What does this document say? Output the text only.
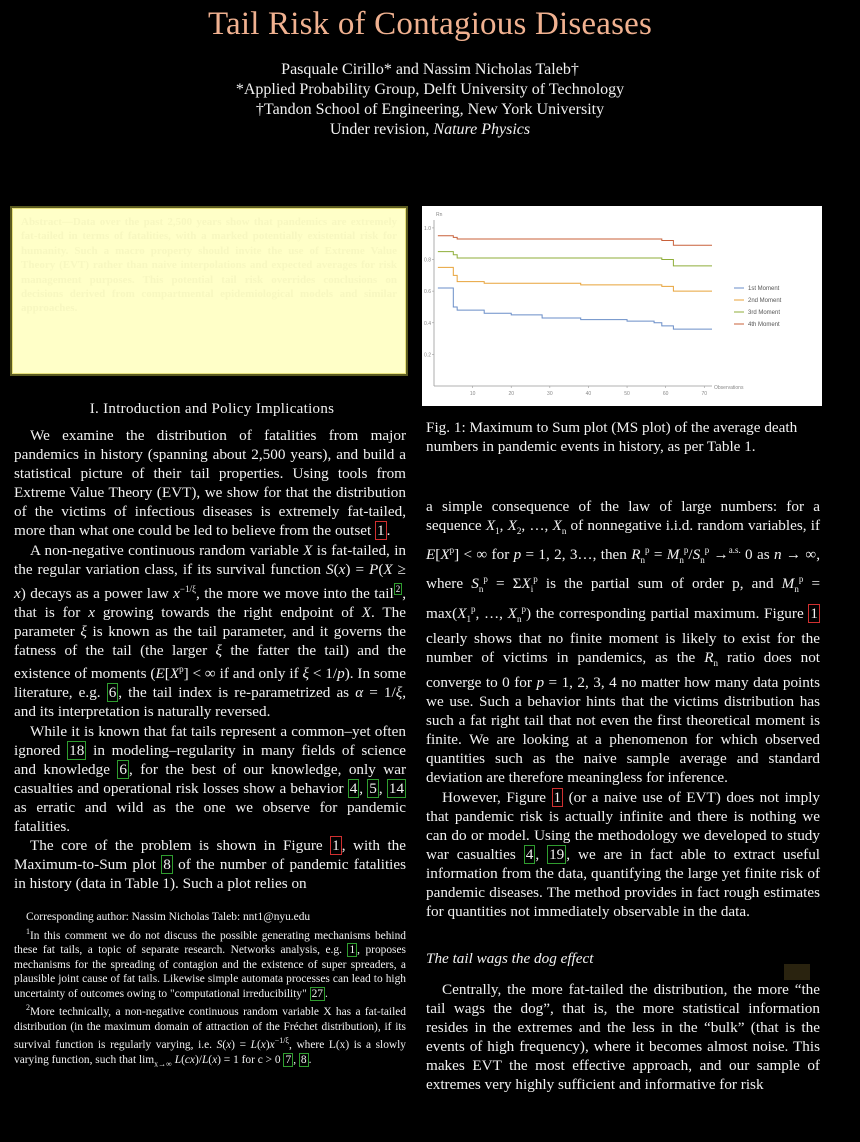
Tail Risk of Contagious Diseases
Pasquale Cirillo* and Nassim Nicholas Taleb†
*Applied Probability Group, Delft University of Technology
†Tandon School of Engineering, New York University
Under revision, Nature Physics
Abstract—Data over the past 2,500 years show that pandemics are extremely fat-tailed in terms of fatalities, with a marked potentially existential risk for humanity. Such a macro property should invite the use of Extreme Value Theory (EVT) rather than naive interpolations and expected averages for risk management purposes. This potential tail risk overrides conclusions on decisions derived from compartmental epidemiological models and similar approaches.
I. Introduction and Policy Implications

We examine the distribution of fatalities from major pandemics in history (spanning about 2,500 years), and build a statistical picture of their tail properties. Using tools from Extreme Value Theory (EVT), we show for that the distribution of the victims of infectious diseases is extremely fat-tailed, more than what one could be led to believe from the outset 1 .

A non-negative continuous random variable X is fat-tailed, in the regular variation class, if its survival function S(x) = P(X ≥ x) decays as a power law $x^{-1/\xi}$, the more we move into the tail $^2$ , that is for x growing towards the right endpoint of X. The parameter ξ is known as the tail parameter, and it governs the fatness of the tail (the larger ξ the fatter the tail) and the existence of moments ($E[X^p]$ < ∞ if and only if ξ < 1/p). In some literature, e.g. 6 , the tail index is re-parametrized as α = 1/ξ, and its interpretation is naturally reversed.

While it is known that fat tails represent a common–yet often ignored 18 in modeling–regularity in many fields of science and knowledge 6 , for the best of our knowledge, only war casualties and operational risk losses show a behavior 4 , 5 , 14 as erratic and wild as the one we observe for pandemic fatalities.

The core of the problem is shown in Figure 1 , with the Maximum-to-Sum plot 8 of the number of pandemic fatalities in history (data in Table 1). Such a plot relies on

Corresponding author: Nassim Nicholas Taleb: nnt1@nyu.edu

$^1$In this comment we do not discuss the possible generating mechanisms behind these fat tails, a topic of separate research. Networks analysis, e.g. 1 , proposes mechanisms for the spreading of contagion and the existence of super spreaders, a plausible joint cause of fat tails. Likewise simple automata processes can lead to high uncertainty of outcomes owing to "computational irreducibility" 27 .

$^2$More technically, a non-negative continuous random variable X has a fat-tailed distribution (in the maximum domain of attraction of the Fréchet distribution), if its survival function is regularly varying, i.e. $S(x) = L(x)x^{-1/\xi}$, where L(x) is a slowly varying function, such that $\lim_{x\to\infty} L(cx)/L(x) = 1$ for c > 0 7 , 8 .

0.2
0.4
0.6
0.8
1.0
10	20	30	40	50	60	70
Rn
Observations
1st Moment
2nd Moment
3rd Moment
4th Moment
Fig. 1: Maximum to Sum plot (MS plot) of the average death numbers in pandemic events in history, as per Table 1.

a simple consequence of the law of large numbers: for a sequence $X_1$, $X_2$, …, $X_n$ of nonnegative i.i.d. random variables, if $E[X^p]$ < ∞ for p = 1, 2, 3…, then $R_n^p = M_n^p/S_n^p \to^{a.s.}$ 0 as n → ∞, where $S_n^p = \Sigma X_i^p$ is the partial sum of order p, and $M_n^p = \max(X_1^p$, …, $X_n^p$) the corresponding partial maximum. Figure 1 clearly shows that no finite moment is likely to exist for the number of victims in pandemics, as the $R_n$ ratio does not converge to 0 for p = 1, 2, 3, 4 no matter how many data points we use. Such a behavior hints that the victims distribution has such a fat right tail that not even the first theoretical moment is finite. We are looking at a phenomenon for which observed quantities such as the naive sample average and standard deviation are therefore meaningless for inference.

However, Figure 1 (or a naive use of EVT) does not imply that pandemic risk is actually infinite and there is nothing we can do or model. Using the methodology we developed to study war casualties 4 , 19 , we are in fact able to extract useful information from the data, quantifying the large yet finite risk of pandemic diseases. The method provides in fact rough estimates for quantities not immediately observable in the data.

The tail wags the dog effect

Centrally, the more fat-tailed the distribution, the more “the tail wags the dog”, that is, the more statistical information resides in the extremes and the less in the “bulk” (that is the events of high frequency), where it becomes almost noise. This makes EVT the most effective approach, and our sample of extremes very highly sufficient and informative for risk
